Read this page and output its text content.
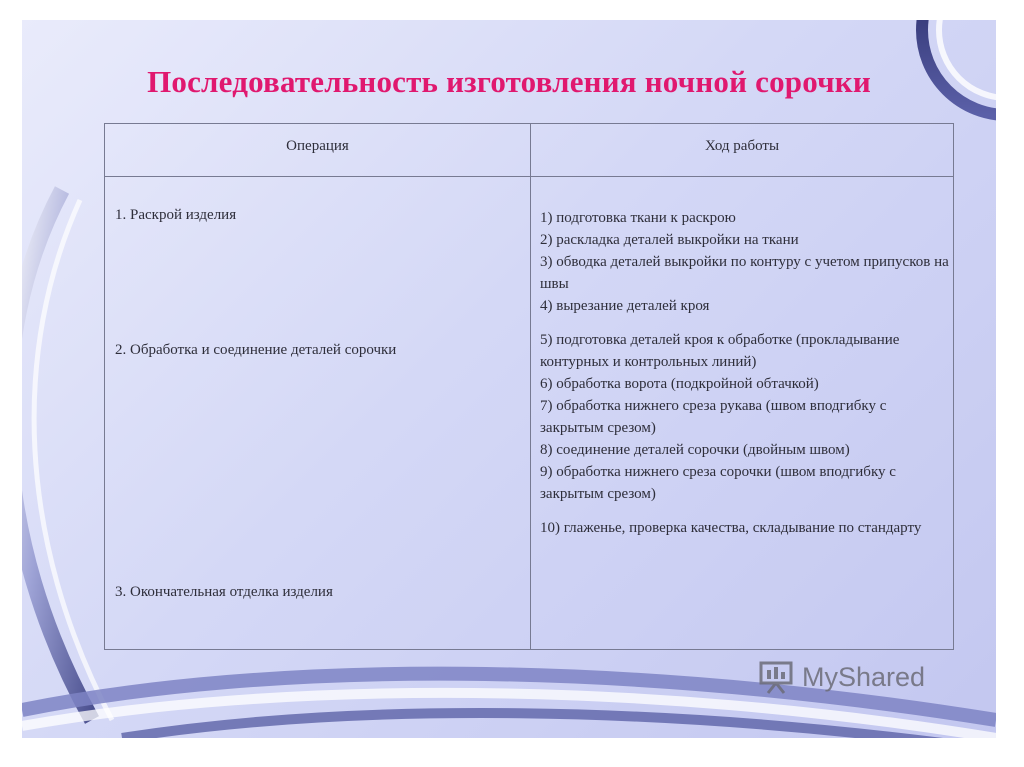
Последовательность изготовления ночной сорочки
Операция	Ход работы
1. Раскрой изделия
2. Обработка и соединение деталей сорочки
3. Окончательная отделка изделия
1) подготовка ткани к раскрою
2) раскладка деталей выкройки на ткани
3) обводка деталей выкройки по контуру с учетом припусков на швы
4) вырезание деталей кроя
5) подготовка деталей кроя к обработке (прокладывание контурных и контрольных линий)
6) обработка ворота (подкройной обтачкой)
7) обработка нижнего среза рукава (швом вподгибку с закрытым срезом)
8) соединение деталей сорочки (двойным швом)
9) обработка нижнего среза сорочки (швом вподгибку с закрытым срезом)
10) глаженье, проверка качества, складывание по стандарту
MyShared
